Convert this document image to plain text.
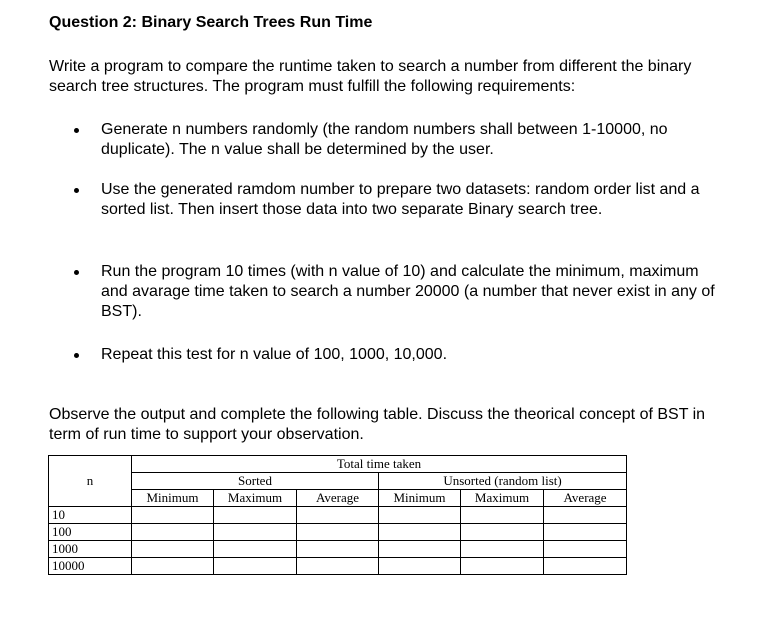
Question 2: Binary Search Trees Run Time

Write a program to compare the runtime taken to search a number from different the binary search tree structures. The program must fulfill the following requirements:

Generate n numbers randomly (the random numbers shall between 1-10000, no duplicate). The n value shall be determined by the user.
Use the generated ramdom number to prepare two datasets: random order list and a sorted list. Then insert those data into two separate Binary search tree.
Run the program 10 times (with n value of 10) and calculate the minimum, maximum and avarage time taken to search a number 20000 (a number that never exist in any of BST).
Repeat this test for n value of 100, 1000, 10,000.

Observe the output and complete the following table. Discuss the theorical concept of BST in term of run time to support your observation.

	Total time taken					
n	Sorted			Unsorted (random list)		
	Minimum	Maximum	Average	Minimum	Maximum	Average
10						
100						
1000						
10000						
